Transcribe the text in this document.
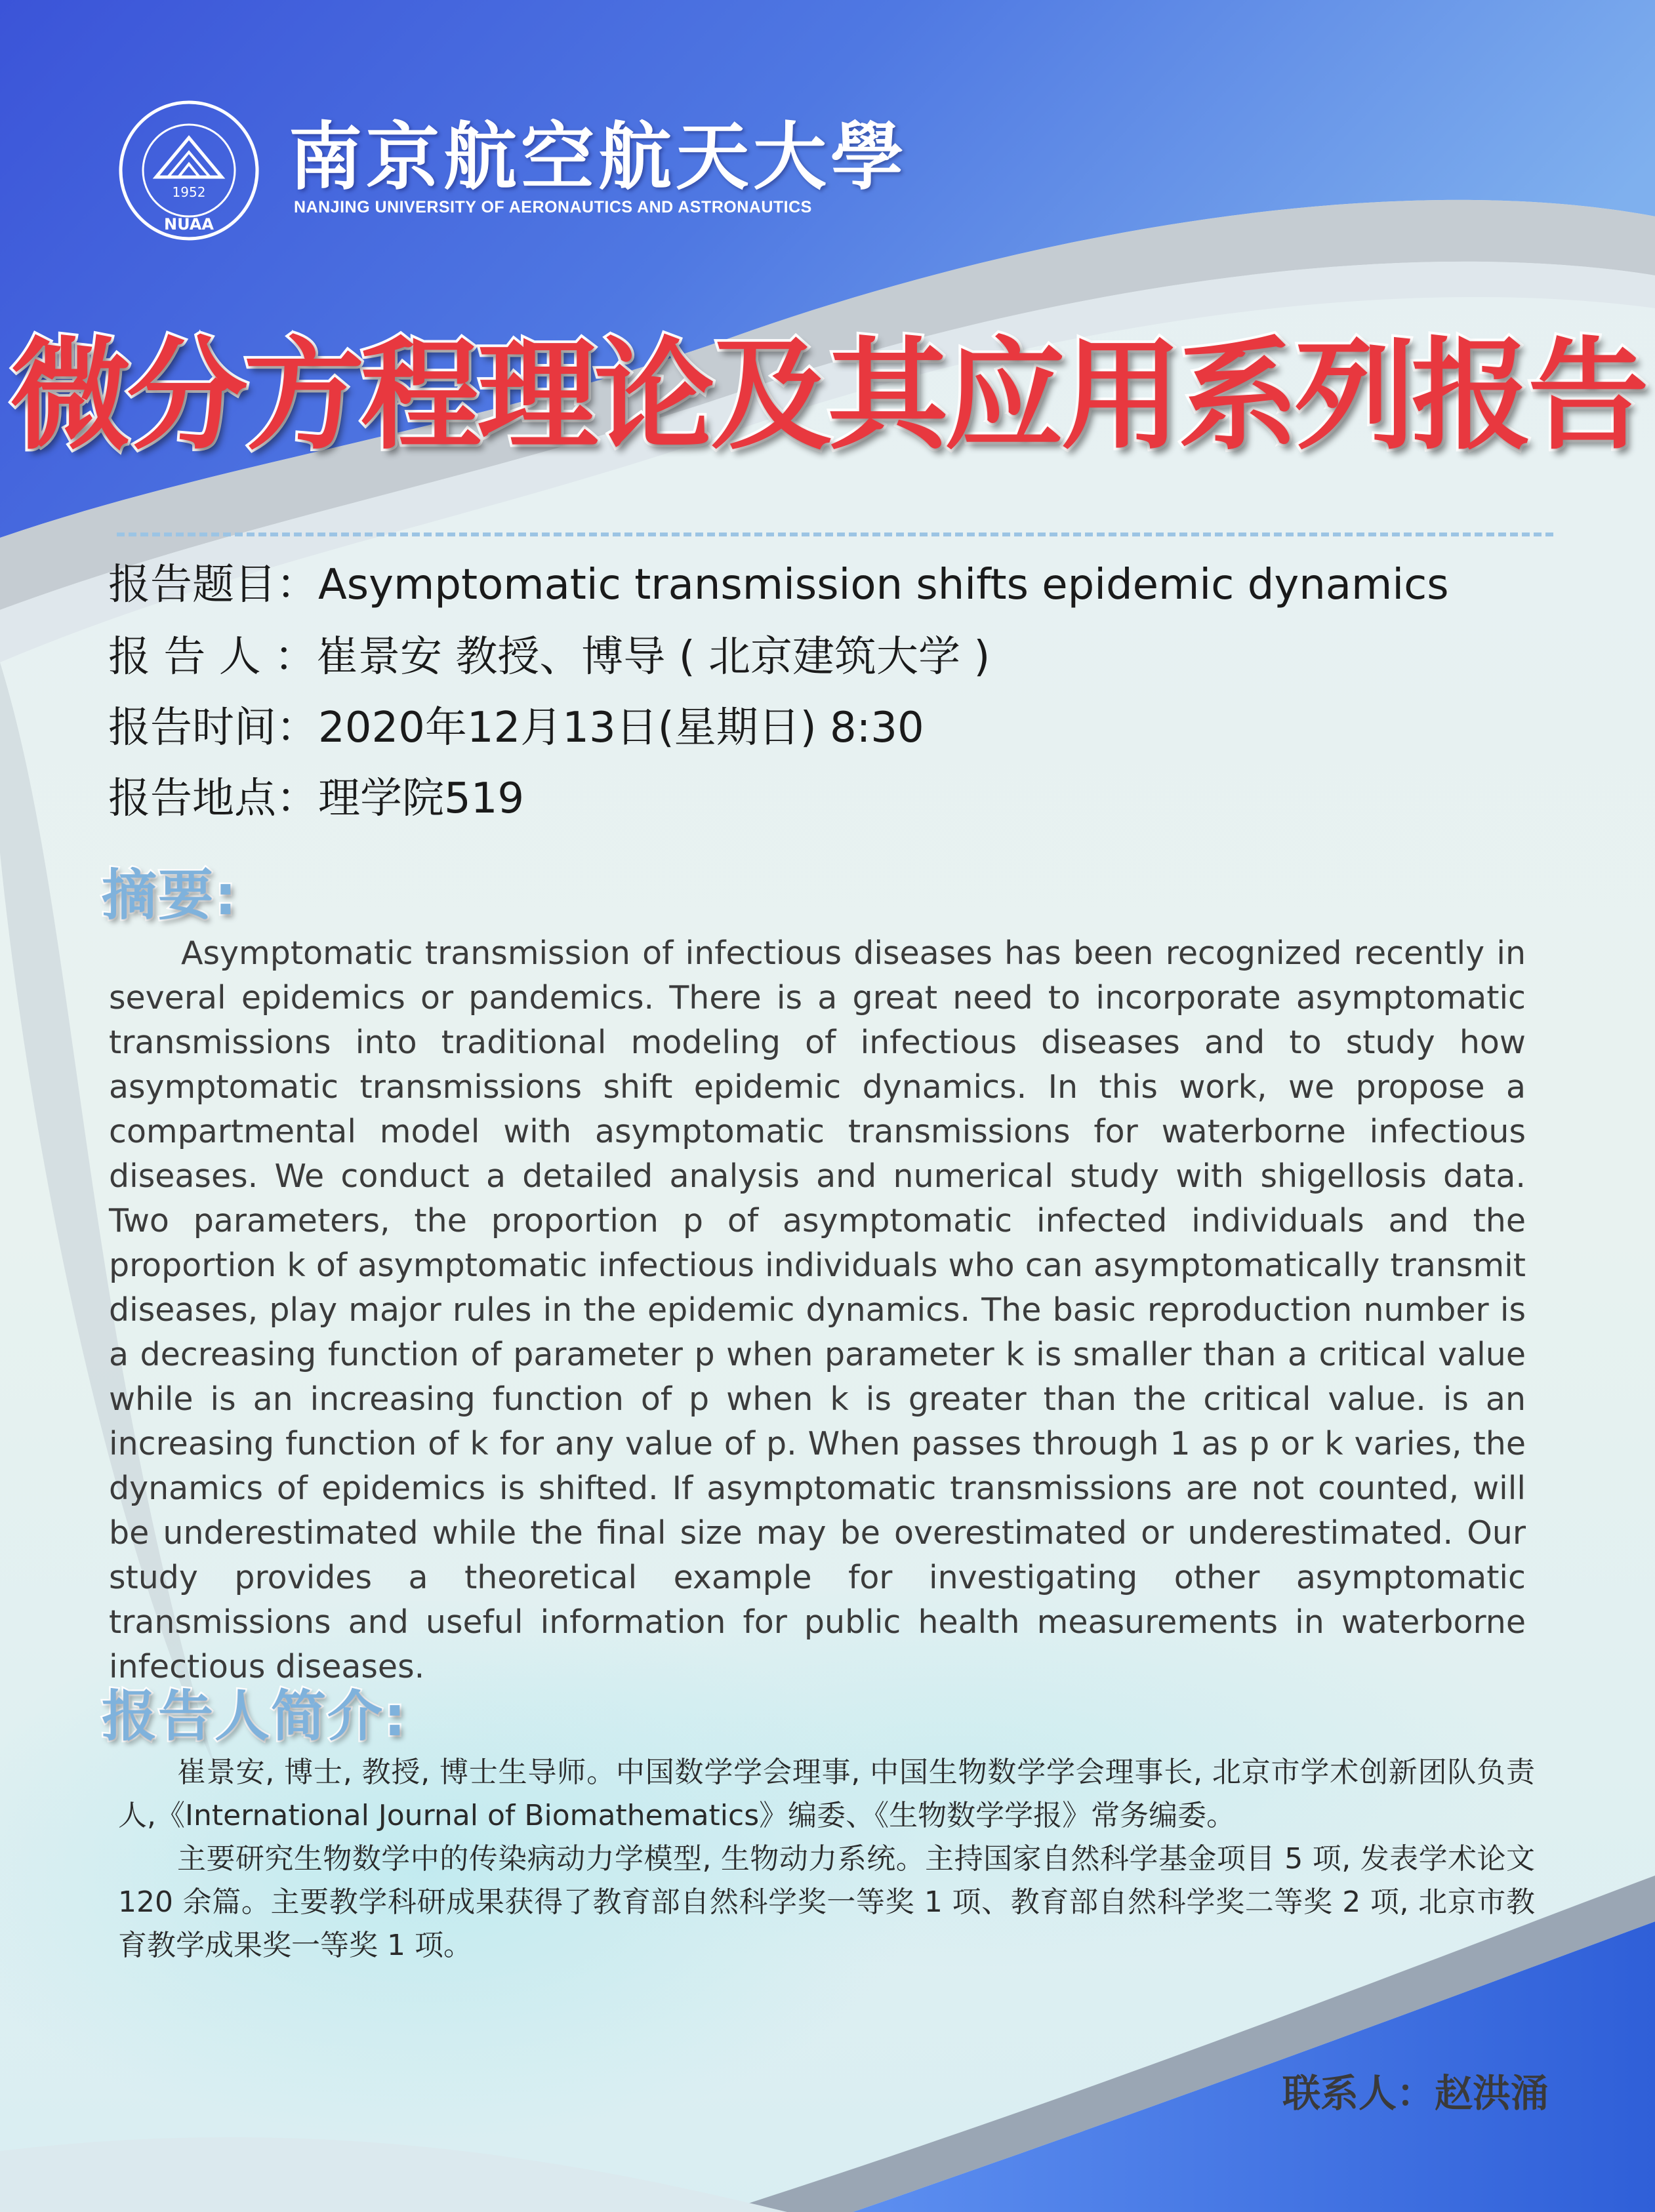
1952
NUAA
南京航空航天大學
NANJING UNIVERSITY OF AERONAUTICS AND ASTRONAUTICS
微分方程理论及其应用系列报告
报告题目：Asymptomatic transmission shifts epidemic dynamics
报 告 人 ：崔景安 教授、博导 ( 北京建筑大学 )
报告时间：2020年12月13日(星期日) 8:30
报告地点：理学院519
摘要:
Asymptomatic transmission of infectious diseases has been recognized recently in several epidemics or pandemics. There is a great need to incorporate asymptomatic transmissions into traditional modeling of infectious diseases and to study how asymptomatic transmissions shift epidemic dynamics. In this work, we propose a compartmental model with asymptomatic transmissions for waterborne infectious diseases. We conduct a detailed analysis and numerical study with shigellosis data. Two parameters, the proportion p of asymptomatic infected individuals and the proportion k of asymptomatic infectious individuals who can asymptomatically transmit diseases, play major rules in the epidemic dynamics. The basic reproduction number is a decreasing function of parameter p when parameter k is smaller than a critical value while is an increasing function of p when k is greater than the critical value. is an increasing function of k for any value of p. When passes through 1 as p or k varies, the dynamics of epidemics is shifted. If asymptomatic transmissions are not counted, will be underestimated while the final size may be overestimated or underestimated. Our study provides a theoretical example for investigating other asymptomatic transmissions and useful information for public health measurements in waterborne infectious diseases.
报告人简介:
崔景安, 博士, 教授, 博士生导师。中国数学学会理事, 中国生物数学学会理事长, 北京市学术创新团队负责人,《International Journal of Biomathematics》编委、《生物数学学报》常务编委。
主要研究生物数学中的传染病动力学模型, 生物动力系统。主持国家自然科学基金项目 5 项, 发表学术论文 120 余篇。主要教学科研成果获得了教育部自然科学奖一等奖 1 项、教育部自然科学奖二等奖 2 项, 北京市教育教学成果奖一等奖 1 项。
联系人：赵洪涌
